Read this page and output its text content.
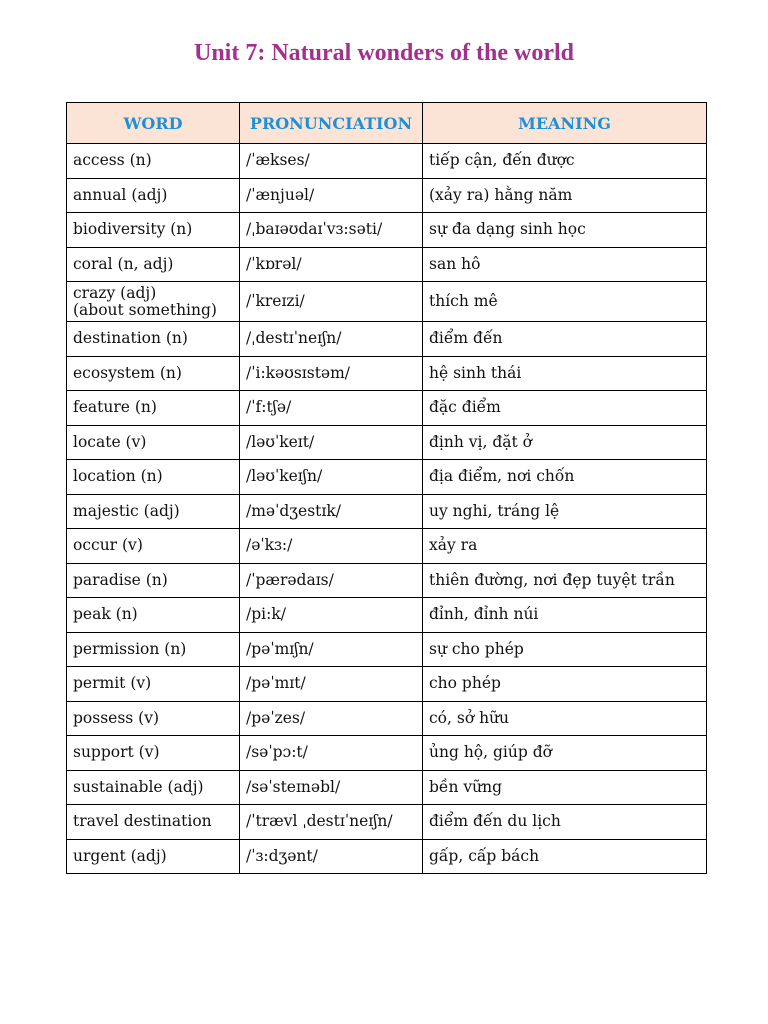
Unit 7: Natural wonders of the world
WORD	PRONUNCIATION	MEANING
access (n)	/ˈækses/	tiếp cận, đến được
annual (adj)	/ˈænjuəl/	(xảy ra) hằng năm
biodiversity (n)	/ˌbaɪəʊdaɪˈvɜ:səti/	sự đa dạng sinh học
coral (n, adj)	/ˈkɒrəl/	san hô
crazy (adj)
(about something)	/ˈkreɪzi/	thích mê
destination (n)	/ˌdestɪˈneɪʃn/	điểm đến
ecosystem (n)	/ˈi:kəʊsɪstəm/	hệ sinh thái
feature (n)	/ˈf:tʃə/	đặc điểm
locate (v)	/ləʊˈkeɪt/	định vị, đặt ở
location (n)	/ləʊˈkeɪʃn/	địa điểm, nơi chốn
majestic (adj)	/məˈdʒestɪk/	uy nghi, tráng lệ
occur (v)	/əˈkɜ:/	xảy ra
paradise (n)	/ˈpærədaɪs/	thiên đường, nơi đẹp tuyệt trần
peak (n)	/pi:k/	đỉnh, đỉnh núi
permission (n)	/pəˈmɪʃn/	sự cho phép
permit (v)	/pəˈmɪt/	cho phép
possess (v)	/pəˈzes/	có, sở hữu
support (v)	/səˈpɔ:t/	ủng hộ, giúp đỡ
sustainable (adj)	/səˈsteɪnəbl/	bền vững
travel destination	/ˈtrævl ˌdestɪˈneɪʃn/	điểm đến du lịch
urgent (adj)	/ˈɜ:dʒənt/	gấp, cấp bách
